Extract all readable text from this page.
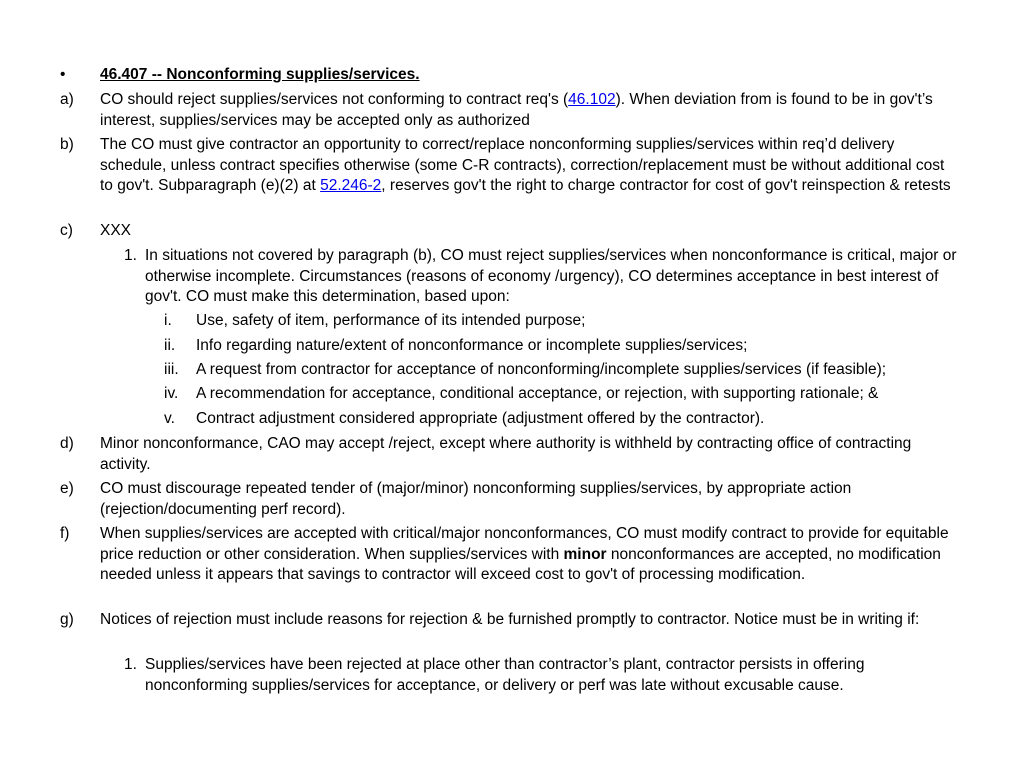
• 46.407 -- Nonconforming supplies/services.
a) CO should reject supplies/services not conforming to contract req's (46.102). When deviation from is found to be in gov't’s interest, supplies/services may be accepted only as authorized
b) The CO must give contractor an opportunity to correct/replace nonconforming supplies/services within req’d delivery schedule, unless contract specifies otherwise (some C-R contracts), correction/replacement must be without additional cost to gov't. Subparagraph (e)(2) at 52.246-2, reserves gov't the right to charge contractor for cost of gov't reinspection & retests
c) XXX
1. In situations not covered by paragraph (b), CO must reject supplies/services when nonconformance is critical, major or otherwise incomplete. Circumstances (reasons of economy /urgency), CO determines acceptance in best interest of gov't. CO must make this determination, based upon:
i. Use, safety of item, performance of its intended purpose;
ii. Info regarding nature/extent of nonconformance or incomplete supplies/services;
iii. A request from contractor for acceptance of nonconforming/incomplete supplies/services (if feasible);
iv. A recommendation for acceptance, conditional acceptance, or rejection, with supporting rationale; &
v. Contract adjustment considered appropriate (adjustment offered by the contractor).
d) Minor nonconformance, CAO may accept /reject, except where authority is withheld by contracting office of contracting activity.
e) CO must discourage repeated tender of (major/minor) nonconforming supplies/services, by appropriate action (rejection/documenting perf record).
f) When supplies/services are accepted with critical/major nonconformances, CO must modify contract to provide for equitable price reduction or other consideration. When supplies/services with minor nonconformances are accepted, no modification needed unless it appears that savings to contractor will exceed cost to gov't of processing modification.
g) Notices of rejection must include reasons for rejection & be furnished promptly to contractor. Notice must be in writing if:
1. Supplies/services have been rejected at place other than contractor’s plant, contractor persists in offering nonconforming supplies/services for acceptance, or delivery or perf was late without excusable cause.
